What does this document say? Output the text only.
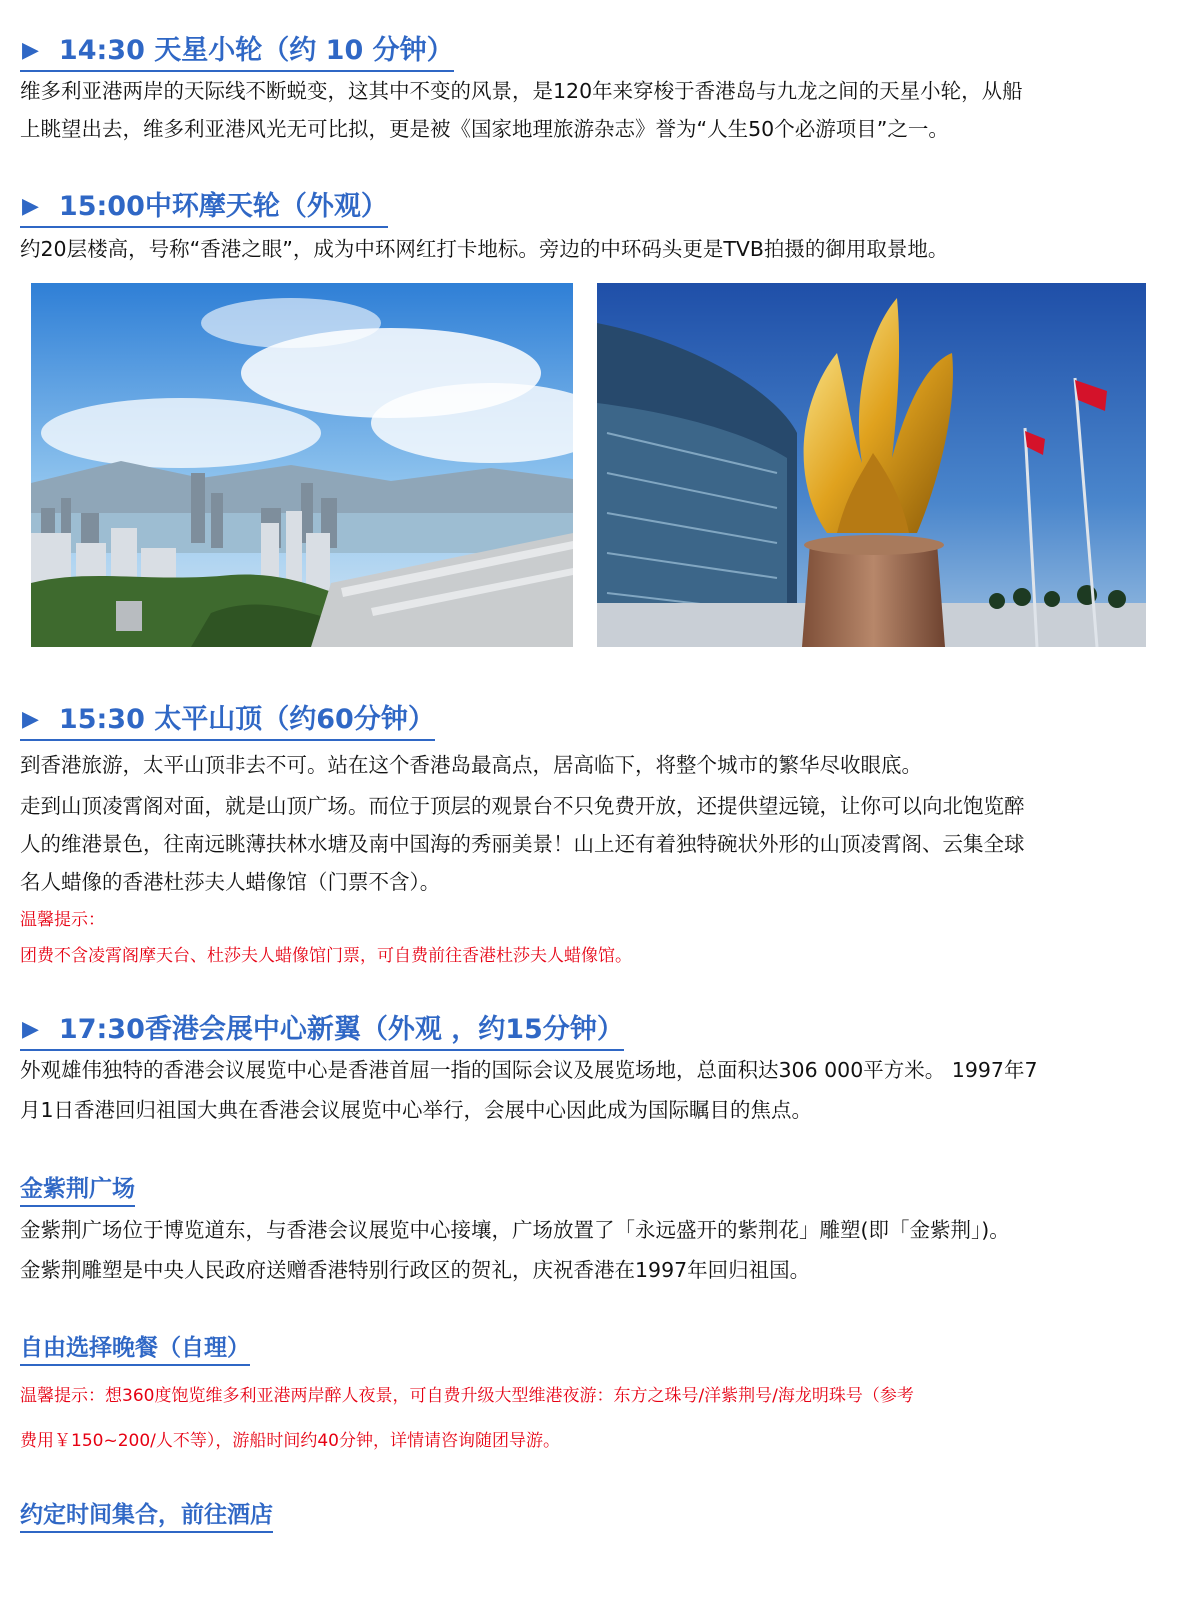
▶ 14:30 天星小轮（约 10 分钟）

维多利亚港两岸的天际线不断蜕变，这其中不变的风景，是120年来穿梭于香港岛与九龙之间的天星小轮，从船

上眺望出去，维多利亚港风光无可比拟，更是被《国家地理旅游杂志》誉为“人生50个必游项目”之一。

▶ 15:00中环摩天轮（外观）

约20层楼高，号称“香港之眼”，成为中环网红打卡地标。旁边的中环码头更是TVB拍摄的御用取景地。

▶ 15:30 太平山顶（约60分钟）

到香港旅游，太平山顶非去不可。站在这个香港岛最高点，居高临下，将整个城市的繁华尽收眼底。

走到山顶凌霄阁对面，就是山顶广场。而位于顶层的观景台不只免费开放，还提供望远镜，让你可以向北饱览醉

人的维港景色，往南远眺薄扶林水塘及南中国海的秀丽美景！山上还有着独特碗状外形的山顶凌霄阁、云集全球

名人蜡像的香港杜莎夫人蜡像馆（门票不含）。

温馨提示：

团费不含凌霄阁摩天台、杜莎夫人蜡像馆门票，可自费前往香港杜莎夫人蜡像馆。

▶ 17:30香港会展中心新翼（外观 ，约15分钟）

外观雄伟独特的香港会议展览中心是香港首屈一指的国际会议及展览场地，总面积达306 000平方米。 1997年7

月1日香港回归祖国大典在香港会议展览中心举行，会展中心因此成为国际瞩目的焦点。

金紫荆广场

金紫荆广场位于博览道东，与香港会议展览中心接壤，广场放置了「永远盛开的紫荆花」雕塑(即「金紫荆」)。

金紫荆雕塑是中央人民政府送赠香港特别行政区的贺礼，庆祝香港在1997年回归祖国。

自由选择晚餐（自理）

温馨提示：想360度饱览维多利亚港两岸醉人夜景，可自费升级大型维港夜游：东方之珠号/洋紫荆号/海龙明珠号（参考

费用￥150~200/人不等），游船时间约40分钟，详情请咨询随团导游。

约定时间集合，前往酒店
